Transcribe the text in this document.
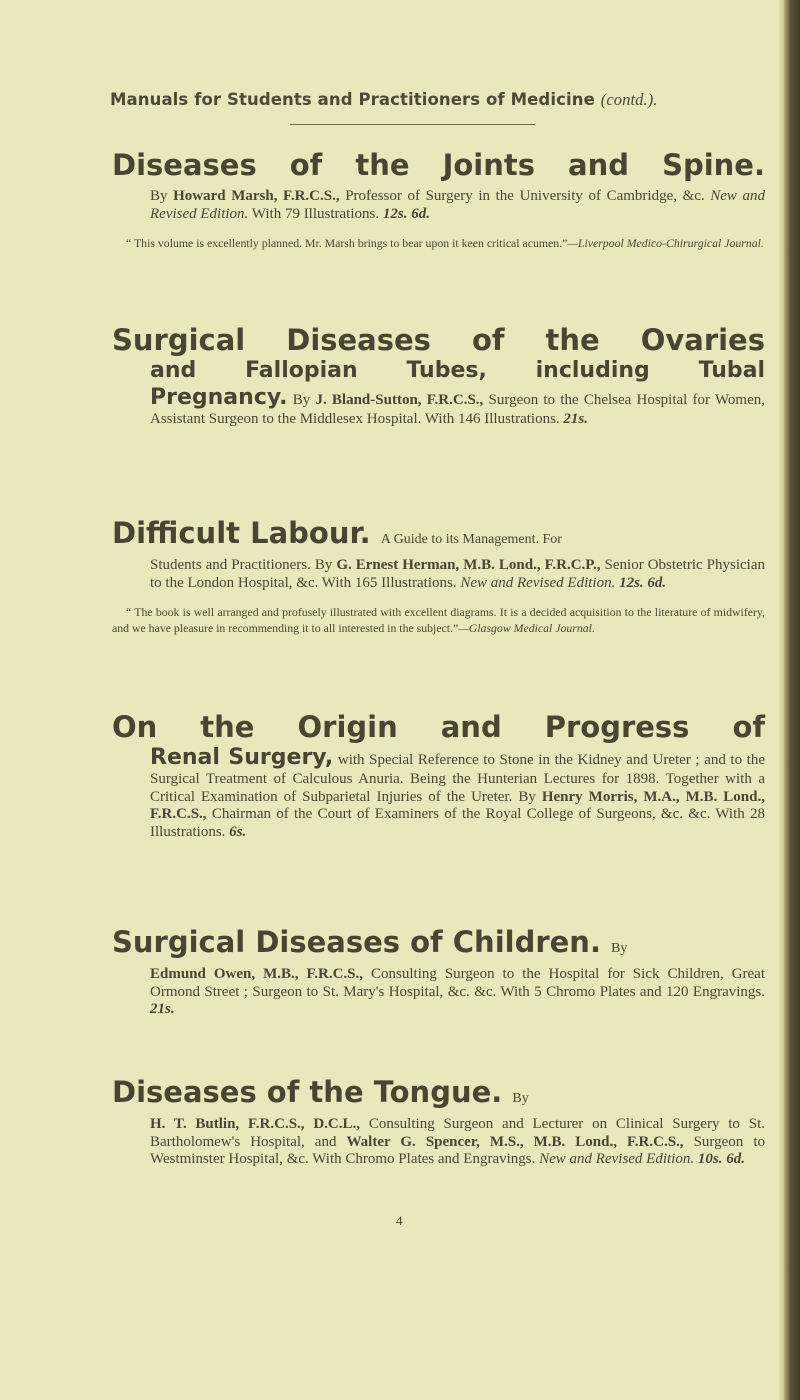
Manuals for Students and Practitioners of Medicine (contd.).
Diseases of the Joints and Spine.
By Howard Marsh, F.R.C.S., Professor of Surgery in the University of Cambridge, &c. New and Revised Edition. With 79 Illustrations. 12s. 6d.
“ This volume is excellently planned. Mr. Marsh brings to bear upon it keen critical acumen.”—Liverpool Medico-Chirurgical Journal.
Surgical Diseases of the Ovaries
and Fallopian Tubes, including Tubal
Pregnancy. By J. Bland-Sutton, F.R.C.S., Surgeon to the Chelsea Hospital for Women, Assistant Surgeon to the Middlesex Hospital. With 146 Illustrations. 21s.
Difficult Labour. A Guide to its Management. For
Students and Practitioners. By G. Ernest Herman, M.B. Lond., F.R.C.P., Senior Obstetric Physician to the London Hospital, &c. With 165 Illustrations. New and Revised Edition. 12s. 6d.
“ The book is well arranged and profusely illustrated with excellent diagrams. It is a decided acquisition to the literature of midwifery, and we have pleasure in recommending it to all interested in the subject.”—Glasgow Medical Journal.
On the Origin and Progress of
Renal Surgery, with Special Reference to Stone in the Kidney and Ureter ; and to the Surgical Treatment of Calculous Anuria. Being the Hunterian Lectures for 1898. Together with a Critical Examination of Subparietal Injuries of the Ureter. By Henry Morris, M.A., M.B. Lond., F.R.C.S., Chairman of the Court of Examiners of the Royal College of Surgeons, &c. &c. With 28 Illustrations. 6s.
Surgical Diseases of Children. By
Edmund Owen, M.B., F.R.C.S., Consulting Surgeon to the Hospital for Sick Children, Great Ormond Street ; Surgeon to St. Mary's Hospital, &c. &c. With 5 Chromo Plates and 120 Engravings. 21s.
Diseases of the Tongue. By
H. T. Butlin, F.R.C.S., D.C.L., Consulting Surgeon and Lecturer on Clinical Surgery to St. Bartholomew's Hospital, and Walter G. Spencer, M.S., M.B. Lond., F.R.C.S., Surgeon to Westminster Hospital, &c. With Chromo Plates and Engravings. New and Revised Edition. 10s. 6d.
4
